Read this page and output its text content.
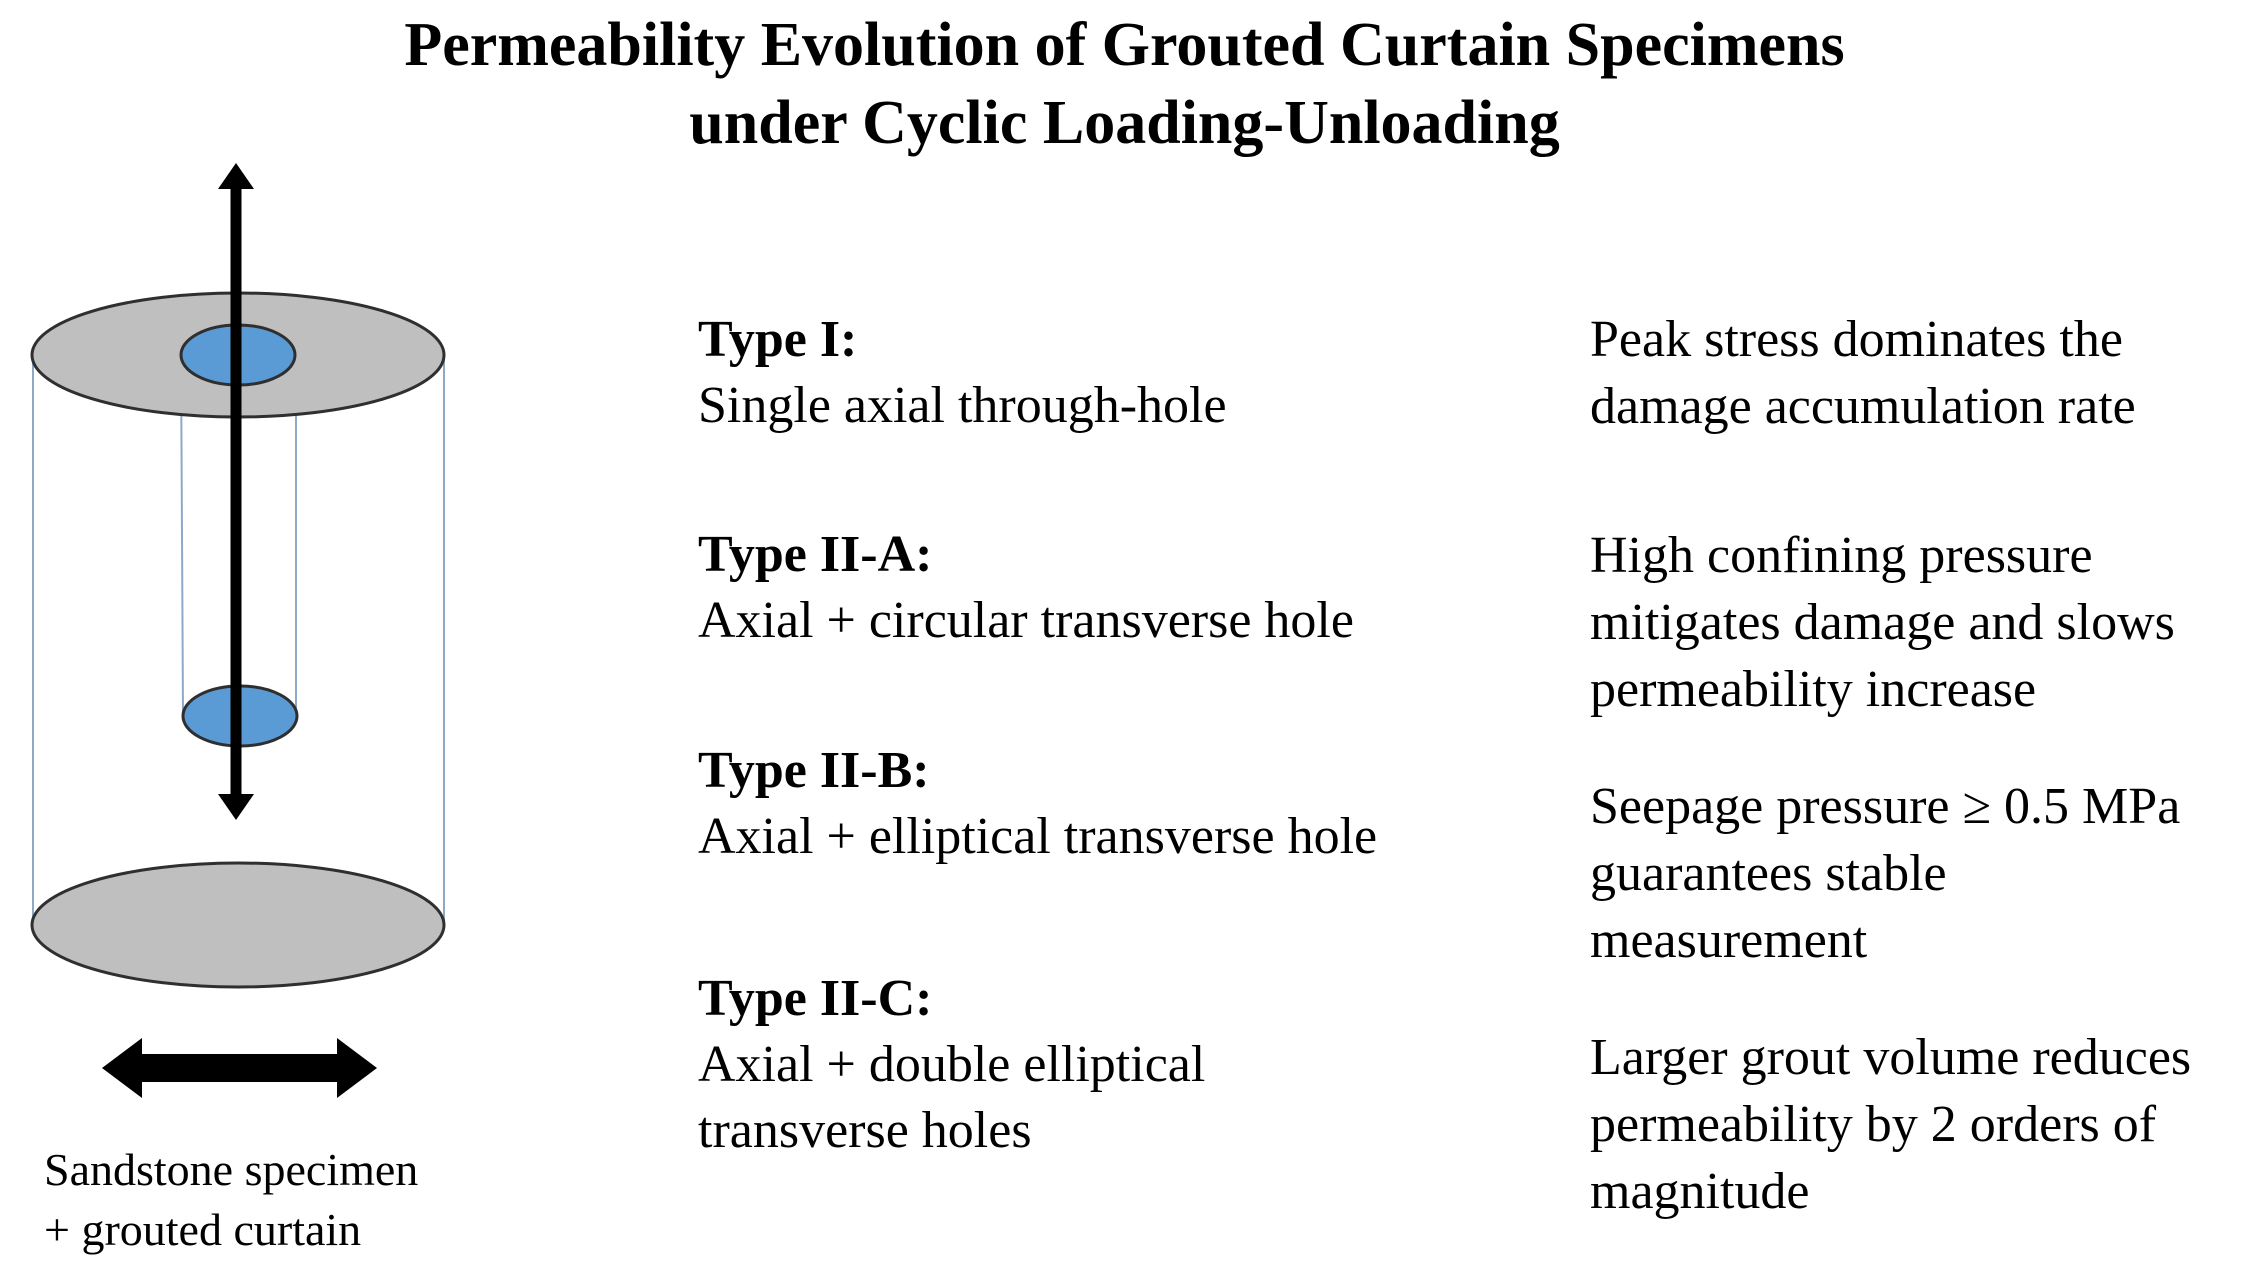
Permeability Evolution of Grouted Curtain Specimens
under Cyclic Loading-Unloading
Sandstone specimen
+ grouted curtain
Type I:
Single axial through-hole
Type II-A:
Axial + circular transverse hole
Type II-B:
Axial + elliptical transverse hole
Type II-C:
Axial + double elliptical
transverse holes
Peak stress dominates the
damage accumulation rate
High confining pressure
mitigates damage and slows
permeability increase
Seepage pressure ≥ 0.5 MPa
guarantees stable
measurement
Larger grout volume reduces
permeability by 2 orders of
magnitude
